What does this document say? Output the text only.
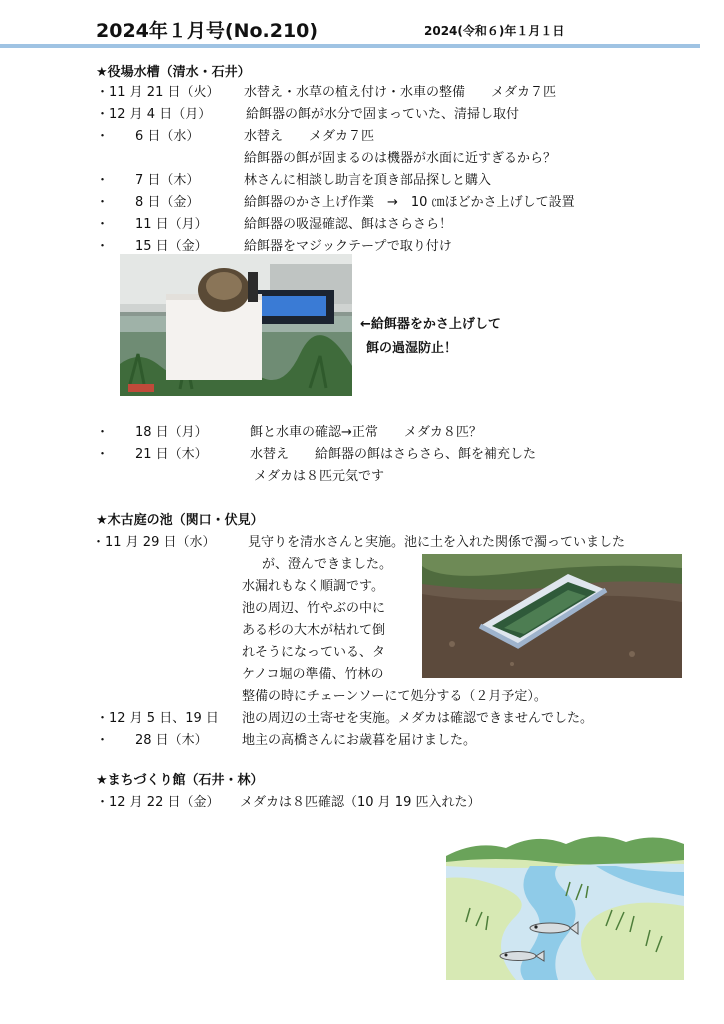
2024年１月号(No.210)	2024(令和６)年１月１日
★役場水槽（清水・石井）
・11 月 21 日（火） 水替え・水草の植え付け・水車の整備　　メダカ７匹
・12 月 4 日（月）	給餌器の餌が水分で固まっていた、清掃し取付
・　　6 日（水）	水替え　　メダカ７匹
給餌器の餌が固まるのは機器が水面に近すぎるから？
・　　7 日（木）	林さんに相談し助言を頂き部品探しと購入
・　　8 日（金）	給餌器のかさ上げ作業　→　10 ㎝ほどかさ上げして設置
・　　11 日（月）	給餌器の吸湿確認、餌はさらさら！
・　　15 日（金）	給餌器をマジックテープで取り付け
←給餌器をかさ上げして
餌の過湿防止！
・　　18 日（月）	餌と水車の確認→正常　　メダカ８匹？
・　　21 日（木）	水替え　　給餌器の餌はさらさら、餌を補充した
メダカは８匹元気です
★木古庭の池（関口・伏見）
・11 月 29 日（水）	見守りを清水さんと実施。池に土を入れた関係で濁っていました
が、澄んできました。
水漏れもなく順調です。
池の周辺、竹やぶの中に
ある杉の大木が枯れて倒
れそうになっている、タ
ケノコ堀の準備、竹林の
整備の時にチェーンソーにて処分する（２月予定）。
・12 月 5 日、19 日 池の周辺の土寄せを実施。メダカは確認できませんでした。
・　　28 日（木）	地主の高橋さんにお歳暮を届けました。
★まちづくり館（石井・林）
・12 月 22 日（金） メダカは８匹確認（10 月 19 匹入れた）
